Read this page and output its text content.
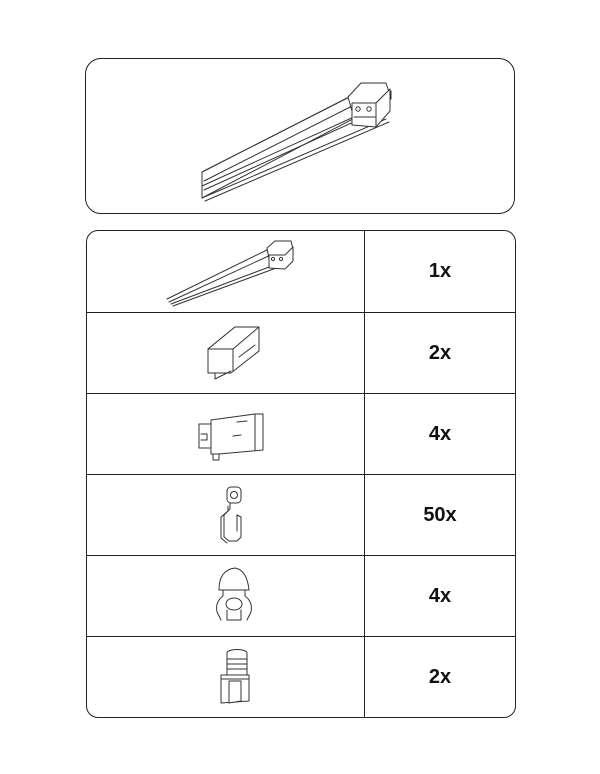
1x
2x
4x
50x
4x
2x
